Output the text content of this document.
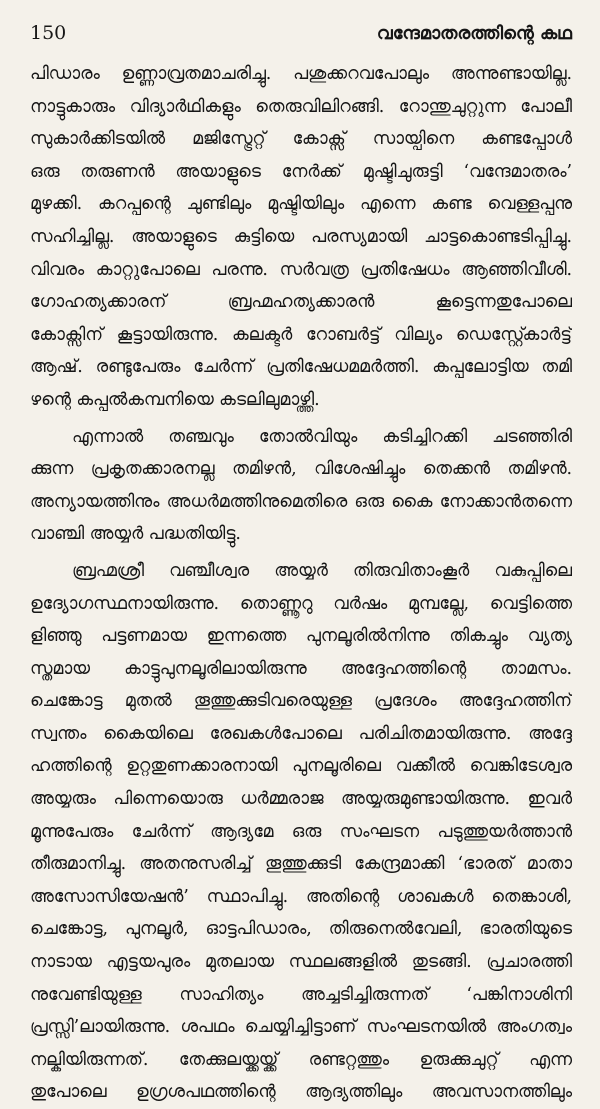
150	വന്ദേമാതരത്തിന്റെ കഥ

പിഡാരം ഉണ്ണാവ്രതമാചരിച്ചു. പശുക്കറവപോലും അന്നുണ്ടായില്ല.

നാട്ടുകാരും വിദ്യാർഥികളും തെരുവിലിറങ്ങി. റോന്തുചുറ്റുന്ന പോലീ

സുകാർക്കിടയിൽ മജിസ്ട്രേറ്റ് കോക്സ് സായ്പിനെ കണ്ടപ്പോൾ

ഒരു തരുണൻ അയാളുടെ നേർക്ക് മുഷ്ടിചുരുട്ടി ‘വന്ദേമാതരം’

മുഴക്കി. കറപ്പന്റെ ചുണ്ടിലും മുഷ്ടിയിലും എന്നെ കണ്ട വെള്ളപ്പനു

സഹിച്ചില്ല. അയാളുടെ കുട്ടിയെ പരസ്യമായി ചാട്ടകൊണ്ടടിപ്പിച്ചു.

വിവരം കാറ്റുപോലെ പരന്നു. സർവത്ര പ്രതിഷേധം ആഞ്ഞിവീശി.

ഗോഹത്യക്കാരന് ബ്രഹ്മഹത്യക്കാരൻ കൂട്ടെന്നതുപോലെ

കോക്സിന് കൂട്ടായിരുന്നു. കലക്ടർ റോബർട്ട് വില്യം ഡെസ്റ്റ്കോർട്ട്

ആഷ്. രണ്ടുപേരും ചേർന്ന് പ്രതിഷേധമമർത്തി. കപ്പലോട്ടിയ തമി

ഴന്റെ കപ്പൽകമ്പനിയെ കടലിലുമാഴ്ത്തി.

എന്നാൽ തഞ്ചവും തോൽവിയും കടിച്ചിറക്കി ചടഞ്ഞിരി

ക്കുന്ന പ്രകൃതക്കാരനല്ല തമിഴൻ, വിശേഷിച്ചും തെക്കൻ തമിഴൻ.

അന്യായത്തിനും അധർമത്തിനുമെതിരെ ഒരു കൈ നോക്കാൻതന്നെ

വാഞ്ചി അയ്യർ പദ്ധതിയിട്ടു.

ബ്രഹ്മശ്രീ വഞ്ചീശ്വര അയ്യർ തിരുവിതാംകൂർ വകുപ്പിലെ

ഉദ്യോഗസ്ഥനായിരുന്നു. തൊണ്ണൂറു വർഷം മുമ്പല്ലേ, വെട്ടിത്തെ

ളിഞ്ഞു പട്ടണമായ ഇന്നത്തെ പുനലൂരിൽനിന്നു തികച്ചും വ്യത്യ

സ്തമായ കാട്ടുപുനലൂരിലായിരുന്നു അദ്ദേഹത്തിന്റെ താമസം.

ചെങ്കോട്ട മുതൽ തൂത്തുക്കുടിവരെയുള്ള പ്രദേശം അദ്ദേഹത്തിന്

സ്വന്തം കൈയിലെ രേഖകൾപോലെ പരിചിതമായിരുന്നു. അദ്ദേ

ഹത്തിന്റെ ഉറ്റതുണക്കാരനായി പുനലൂരിലെ വക്കീൽ വെങ്കിടേശ്വര

അയ്യരും പിന്നെയൊരു ധർമ്മരാജ അയ്യരുമുണ്ടായിരുന്നു. ഇവർ

മൂന്നുപേരും ചേർന്ന് ആദ്യമേ ഒരു സംഘടന പടുത്തുയർത്താൻ

തീരുമാനിച്ചു. അതനുസരിച്ച് തൂത്തുക്കുടി കേന്ദ്രമാക്കി ‘ഭാരത് മാതാ

അസോസിയേഷൻ’ സ്ഥാപിച്ചു. അതിന്റെ ശാഖകൾ തെങ്കാശി,

ചെങ്കോട്ട, പുനലൂർ, ഓട്ടപിഡാരം, തിരുനെൽവേലി, ഭാരതിയുടെ

നാടായ എട്ടയപുരം മുതലായ സ്ഥലങ്ങളിൽ തുടങ്ങി. പ്രചാരത്തി

നുവേണ്ടിയുള്ള സാഹിത്യം അച്ചടിച്ചിരുന്നത് ‘പങ്കിനാശിനി

പ്രസ്സി’ലായിരുന്നു. ശപഥം ചെയ്യിച്ചിട്ടാണ് സംഘടനയിൽ അംഗത്വം

നല്കിയിരുന്നത്. തേക്കുലയ്ക്കയ്ക്ക് രണ്ടറ്റത്തും ഉരുക്കുചുറ്റ് എന്ന

തുപോലെ ഉഗ്രശപഥത്തിന്റെ ആദ്യത്തിലും അവസാനത്തിലും
